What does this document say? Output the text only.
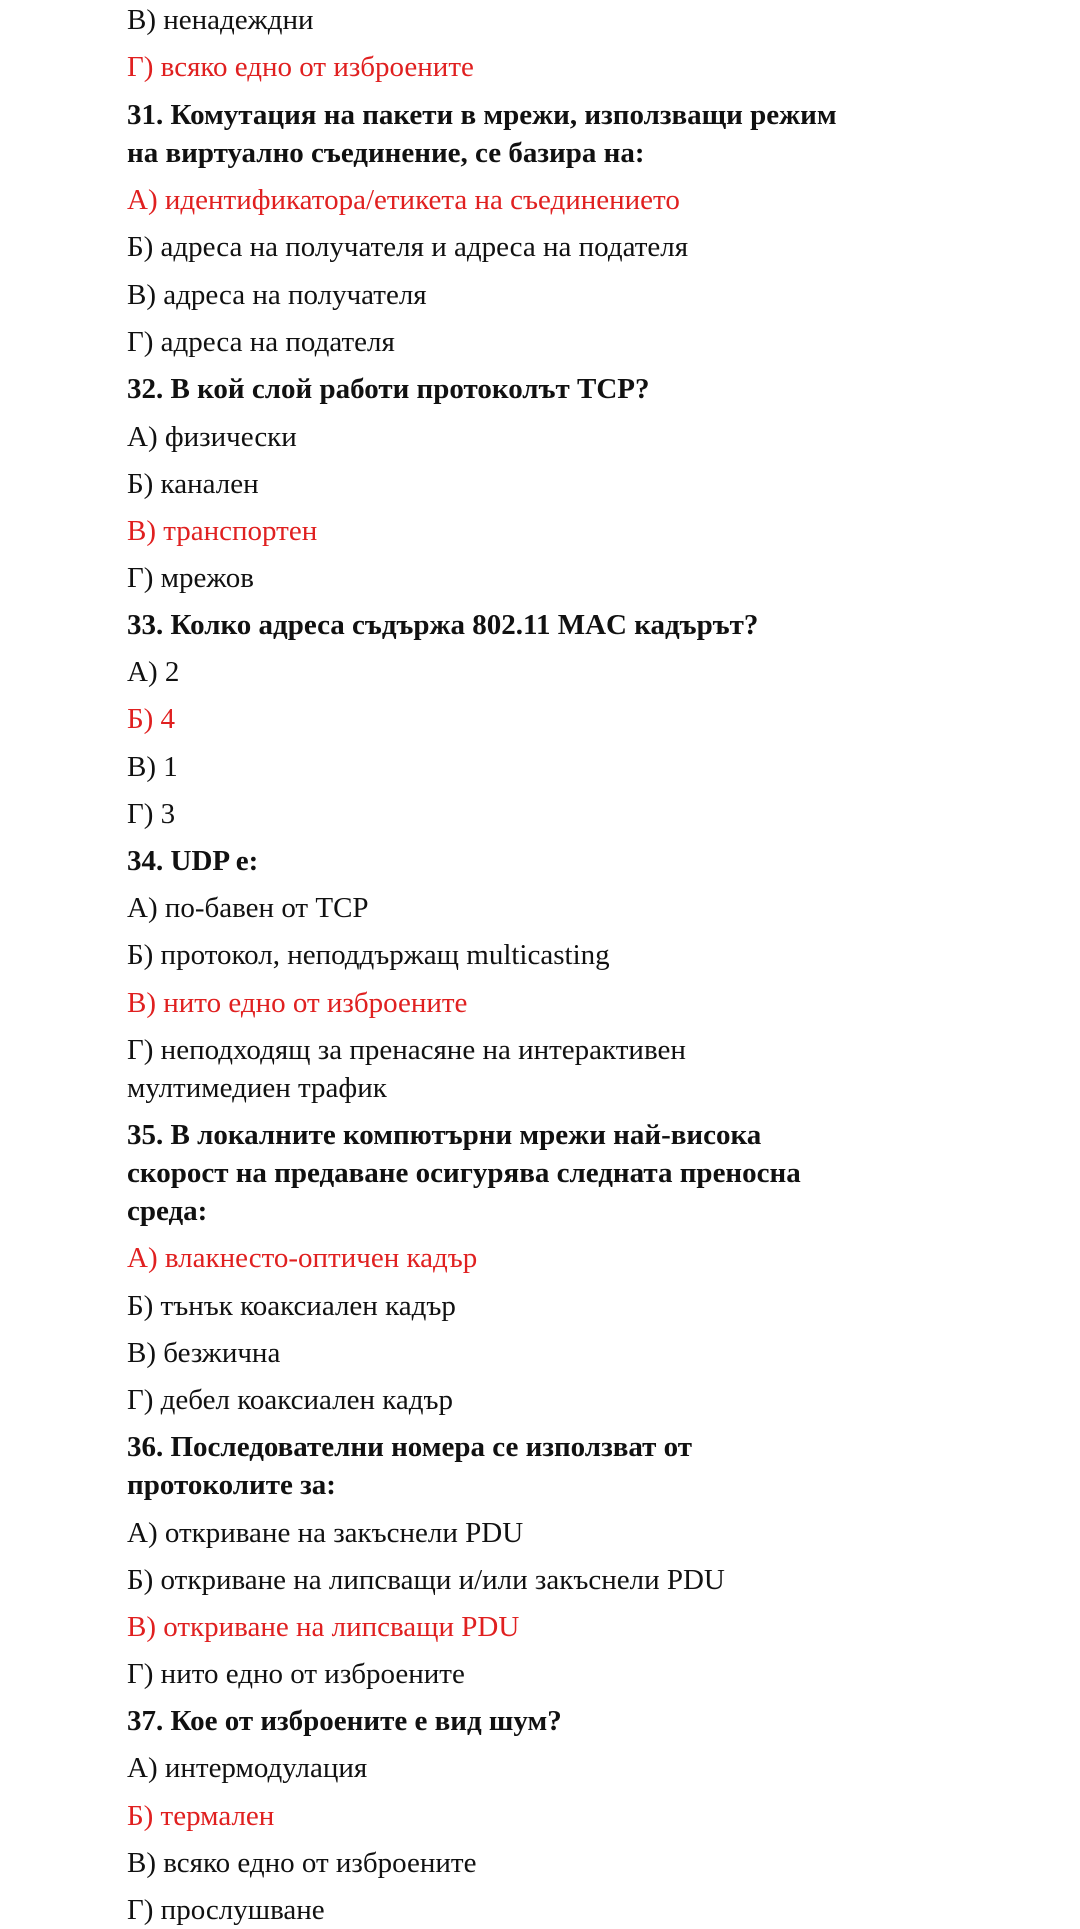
В) ненадеждни
Г) всяко едно от изброените
31. Комутация на пакети в мрежи, използващи режим
на виртуално съединение, се базира на:
А) идентификатора/етикета на съединението
Б) адреса на получателя и адреса на подателя
В) адреса на получателя
Г) адреса на подателя
32. В кой слой работи протоколът TCP?
А) физически
Б) канален
В) транспортен
Г) мрежов
33. Колко адреса съдържа 802.11 MAC кадърът?
А) 2
Б) 4
В) 1
Г) 3
34. UDP е:
А) по-бавен от TCP
Б) протокол, неподдържащ multicasting
В) нито едно от изброените
Г) неподходящ за пренасяне на интерактивен
мултимедиен трафик
35. В локалните компютърни мрежи най-висока
скорост на предаване осигурява следната преносна
среда:
А) влакнесто-оптичен кадър
Б) тънък коаксиален кадър
В) безжична
Г) дебел коаксиален кадър
36. Последователни номера се използват от
протоколите за:
А) откриване на закъснели PDU
Б) откриване на липсващи и/или закъснели PDU
В) откриване на липсващи PDU
Г) нито едно от изброените
37. Кое от изброените е вид шум?
А) интермодулация
Б) термален
В) всяко едно от изброените
Г) прослушване
